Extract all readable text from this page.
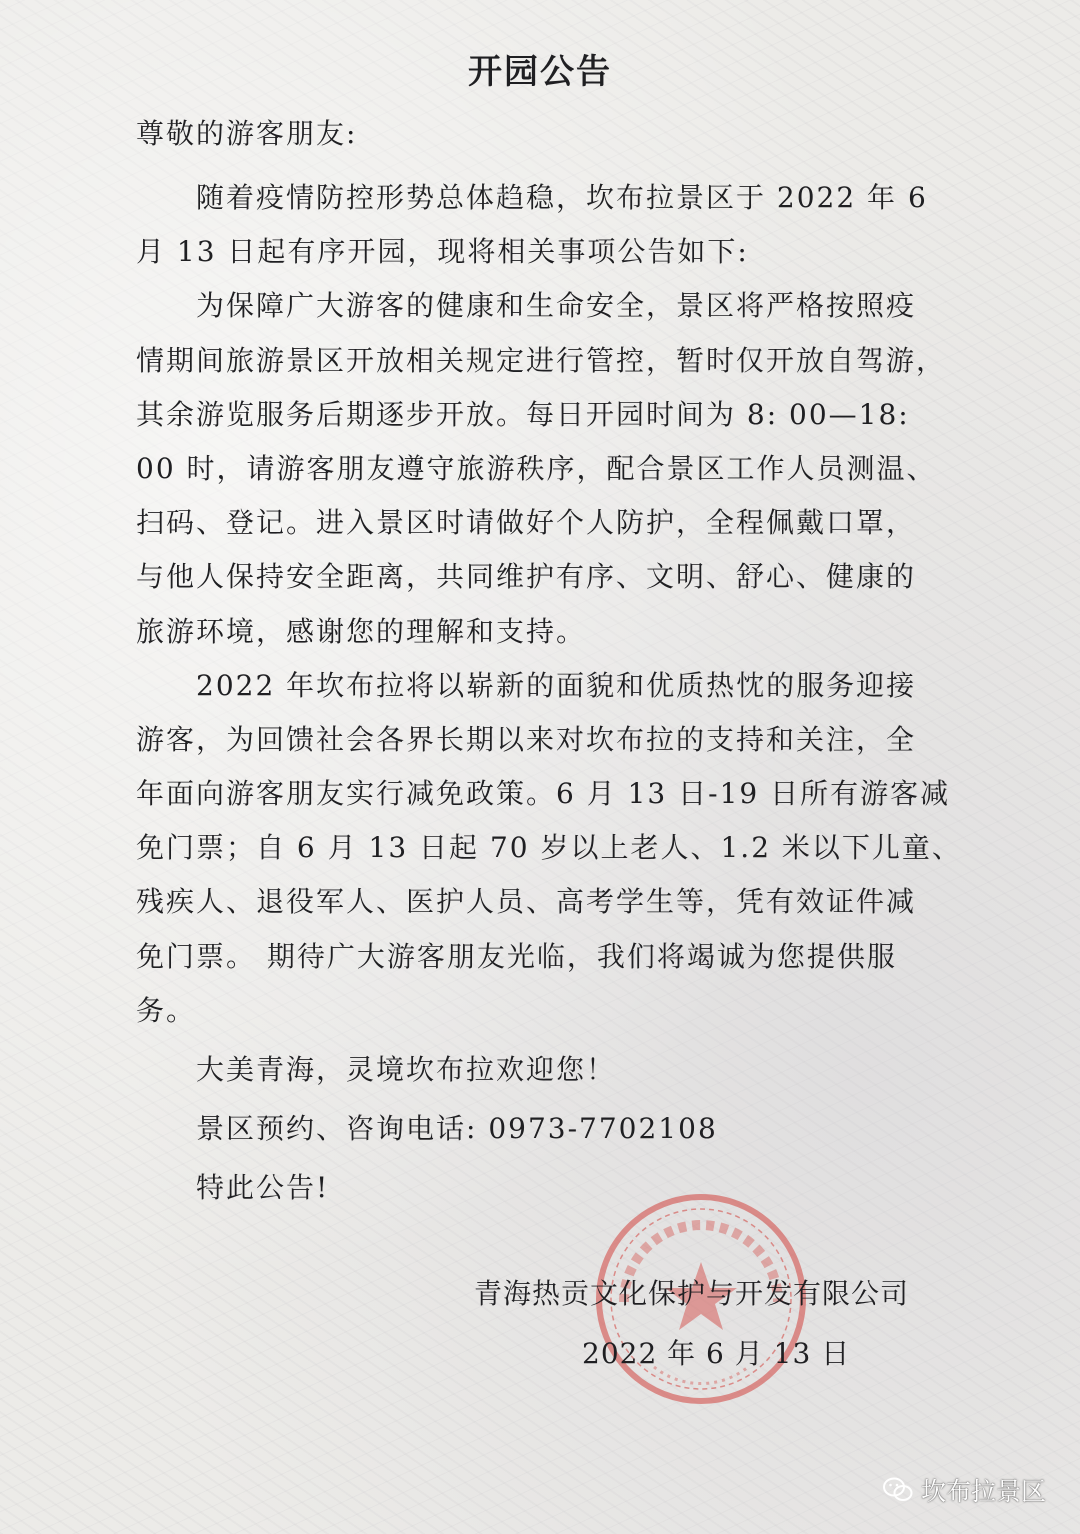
开园公告
尊敬的游客朋友:
随着疫情防控形势总体趋稳，坎布拉景区于 2022 年 6
月 13 日起有序开园，现将相关事项公告如下:
为保障广大游客的健康和生命安全，景区将严格按照疫
情期间旅游景区开放相关规定进行管控，暂时仅开放自驾游，
其余游览服务后期逐步开放。每日开园时间为 8: 00—18:
00 时，请游客朋友遵守旅游秩序，配合景区工作人员测温、
扫码、登记。进入景区时请做好个人防护，全程佩戴口罩，
与他人保持安全距离，共同维护有序、文明、舒心、健康的
旅游环境，感谢您的理解和支持。
2022 年坎布拉将以崭新的面貌和优质热忱的服务迎接
游客，为回馈社会各界长期以来对坎布拉的支持和关注，全
年面向游客朋友实行减免政策。6 月 13 日-19 日所有游客减
免门票；自 6 月 13 日起 70 岁以上老人、1.2 米以下儿童、
残疾人、退役军人、医护人员、高考学生等，凭有效证件减
免门票。 期待广大游客朋友光临，我们将竭诚为您提供服
务。
大美青海，灵境坎布拉欢迎您！
景区预约、咨询电话: 0973-7702108
特此公告!
青海热贡文化保护与开发有限公司
2022 年 6 月 13 日
坎布拉景区
